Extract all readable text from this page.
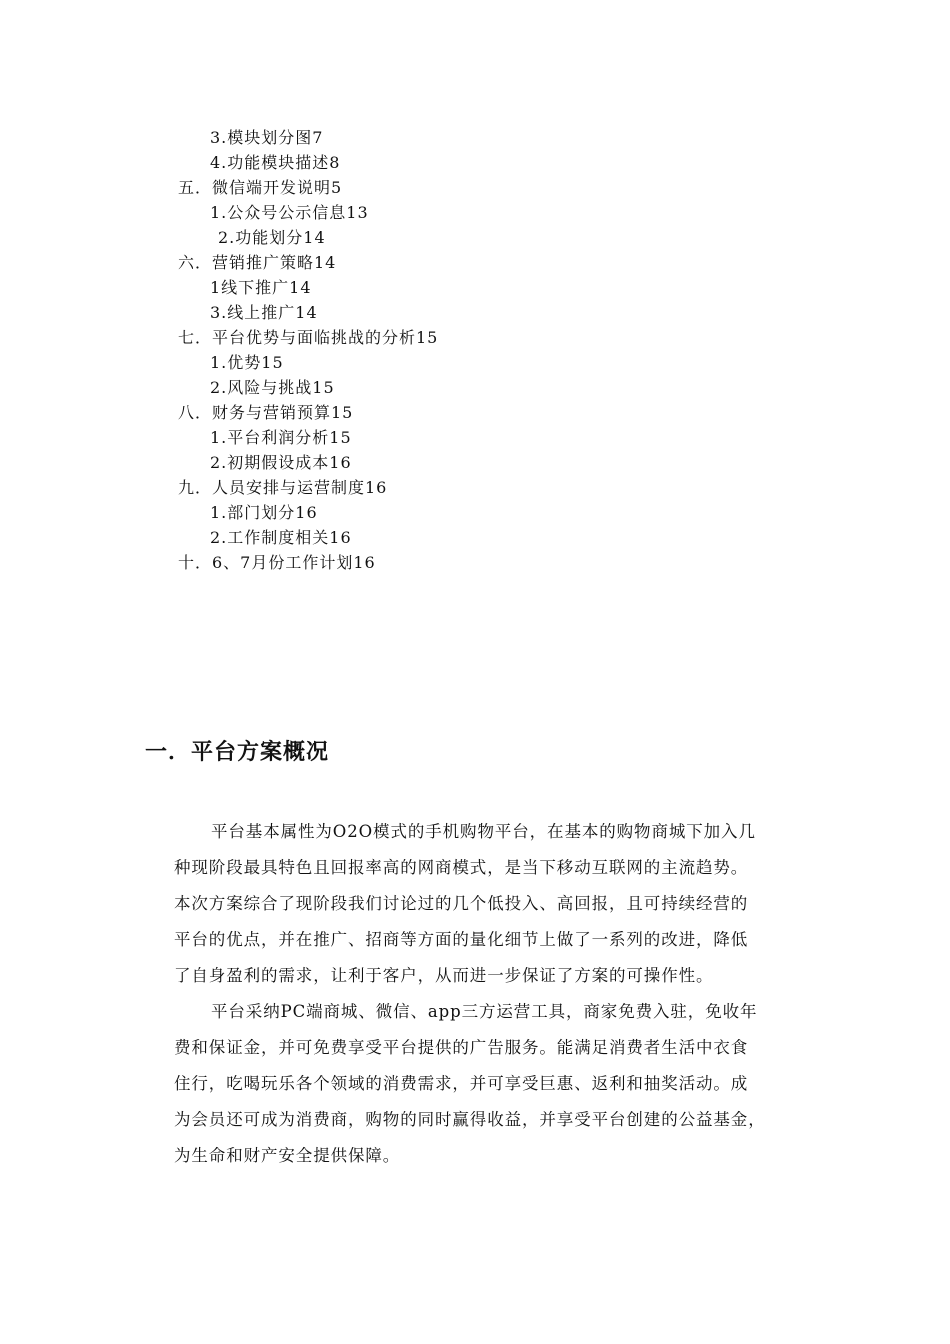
3.模块划分图7
4.功能模块描述8
五．微信端开发说明5
1.公众号公示信息13
2.功能划分14
六．营销推广策略14
1线下推广14
3.线上推广14
七．平台优势与面临挑战的分析15
1.优势15
2.风险与挑战15
八．财务与营销预算15
1.平台利润分析15
2.初期假设成本16
九．人员安排与运营制度16
1.部门划分16
2.工作制度相关16
十．6、7月份工作计划16
一．平台方案概况
平台基本属性为O2O模式的手机购物平台，在基本的购物商城下加入几
种现阶段最具特色且回报率高的网商模式，是当下移动互联网的主流趋势。
本次方案综合了现阶段我们讨论过的几个低投入、高回报，且可持续经营的
平台的优点，并在推广、招商等方面的量化细节上做了一系列的改进，降低
了自身盈利的需求，让利于客户，从而进一步保证了方案的可操作性。
平台采纳PC端商城、微信、app三方运营工具，商家免费入驻，免收年
费和保证金，并可免费享受平台提供的广告服务。能满足消费者生活中衣食
住行，吃喝玩乐各个领域的消费需求，并可享受巨惠、返利和抽奖活动。成
为会员还可成为消费商，购物的同时赢得收益，并享受平台创建的公益基金，
为生命和财产安全提供保障。
